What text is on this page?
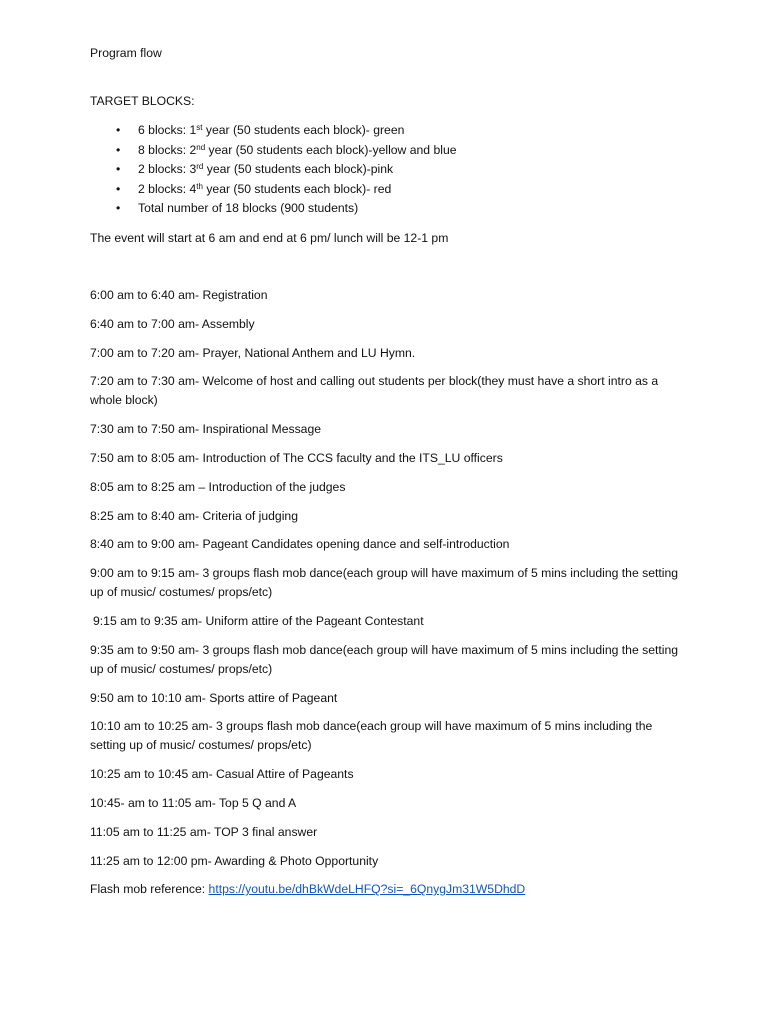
Program flow

TARGET BLOCKS:

• 6 blocks: 1st year (50 students each block)- green
• 8 blocks: 2nd year (50 students each block)-yellow and blue
• 2 blocks: 3rd year (50 students each block)-pink
• 2 blocks: 4th year (50 students each block)- red
• Total number of 18 blocks (900 students)

The event will start at 6 am and end at 6 pm/ lunch will be 12-1 pm

6:00 am to 6:40 am- Registration

6:40 am to 7:00 am- Assembly

7:00 am to 7:20 am- Prayer, National Anthem and LU Hymn.

7:20 am to 7:30 am- Welcome of host and calling out students per block(they must have a short intro as a whole block)

7:30 am to 7:50 am- Inspirational Message

7:50 am to 8:05 am- Introduction of The CCS faculty and the ITS_LU officers

8:05 am to 8:25 am – Introduction of the judges

8:25 am to 8:40 am- Criteria of judging

8:40 am to 9:00 am- Pageant Candidates opening dance and self-introduction

9:00 am to 9:15 am- 3 groups flash mob dance(each group will have maximum of 5 mins including the setting up of music/ costumes/ props/etc)

9:15 am to 9:35 am- Uniform attire of the Pageant Contestant

9:35 am to 9:50 am- 3 groups flash mob dance(each group will have maximum of 5 mins including the setting up of music/ costumes/ props/etc)

9:50 am to 10:10 am- Sports attire of Pageant

10:10 am to 10:25 am- 3 groups flash mob dance(each group will have maximum of 5 mins including the setting up of music/ costumes/ props/etc)

10:25 am to 10:45 am- Casual Attire of Pageants

10:45- am to 11:05 am- Top 5 Q and A

11:05 am to 11:25 am- TOP 3 final answer

11:25 am to 12:00 pm- Awarding & Photo Opportunity

Flash mob reference: https://youtu.be/dhBkWdeLHFQ?si=_6QnygJm31W5DhdD
